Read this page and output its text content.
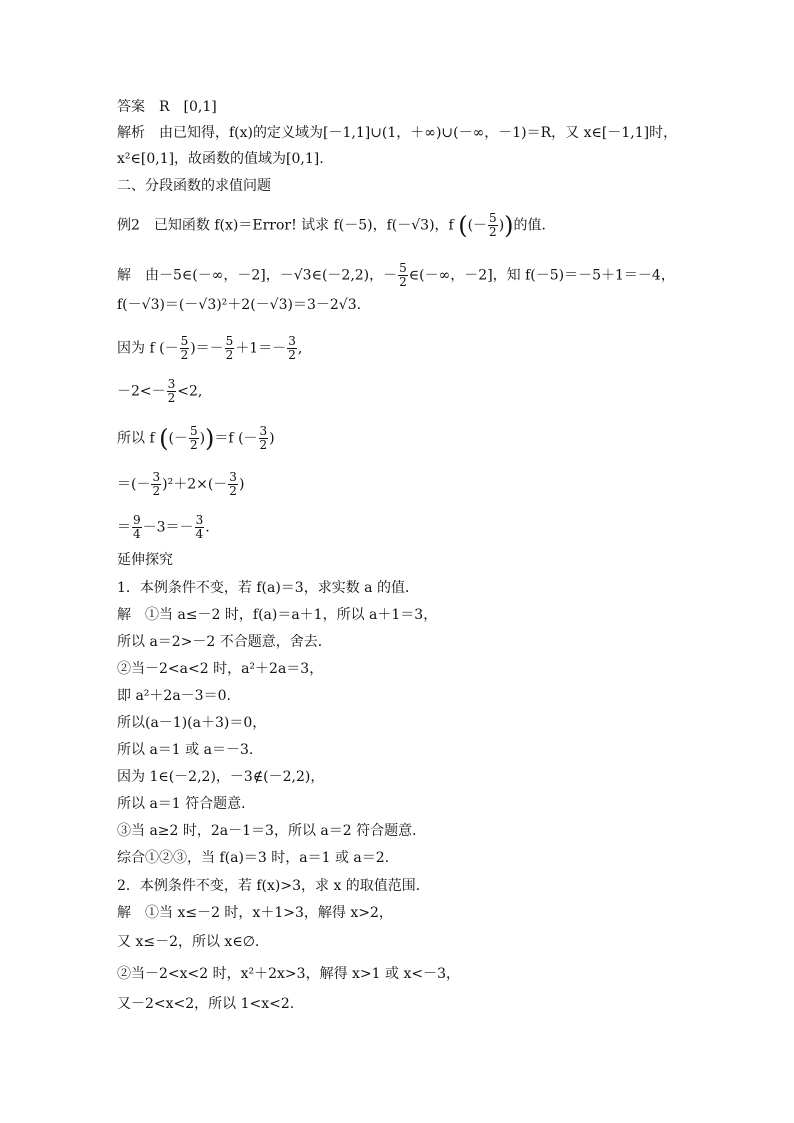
答案　R　[0,1]
解析　由已知得，f(x)的定义域为[－1,1]∪(1，＋∞)∪(－∞，－1)＝R，又 x∈[－1,1]时，
x²∈[0,1]，故函数的值域为[0,1].
二、分段函数的求值问题
例2　已知函数 f(x)＝Error! 试求 f(－5)，f(－√3)，f ((－ $\frac{5}{2}$ ))的值．
解　由－5∈(－∞，－2]，－√3∈(－2,2)，－ $\frac{5}{2}$ ∈(－∞，－2]，知 f(－5)＝－5＋1＝－4，
f(－√3)＝(－√3)²＋2(－√3)＝3－2√3.
因为 f (－ $\frac{5}{2}$ )＝－ $\frac{5}{2} +1=- \frac{3}{2}$ ,
$-2<- \frac{3}{2} <2$,
所以 f ((－ $\frac{5}{2} ))=f$ (－ $\frac{3}{2}$ )
＝(－ $\frac{3}{2} )^2+2\times(- \frac{3}{2}$ )
＝ $\frac{9}{4} -3=- \frac{3}{4}$ .
延伸探究
1．本例条件不变，若 f(a)＝3，求实数 a 的值．
解　①当 a≤－2 时，f(a)＝a＋1，所以 a＋1＝3，
所以 a＝2>－2 不合题意，舍去．
②当－2<a<2 时，a²＋2a＝3，
即 a²＋2a－3＝0.
所以(a－1)(a＋3)＝0，
所以 a＝1 或 a＝－3.
因为 1∈(－2,2)，－3∉(－2,2)，
所以 a＝1 符合题意．
③当 a≥2 时，2a－1＝3，所以 a＝2 符合题意．
综合①②③，当 f(a)＝3 时，a＝1 或 a＝2.
2．本例条件不变，若 f(x)>3，求 x 的取值范围．
解　①当 x≤－2 时，x＋1>3，解得 x>2，
又 x≤－2，所以 x∈∅.
②当－2<x<2 时，x²＋2x>3，解得 x>1 或 x<－3，
又－2<x<2，所以 1<x<2.
